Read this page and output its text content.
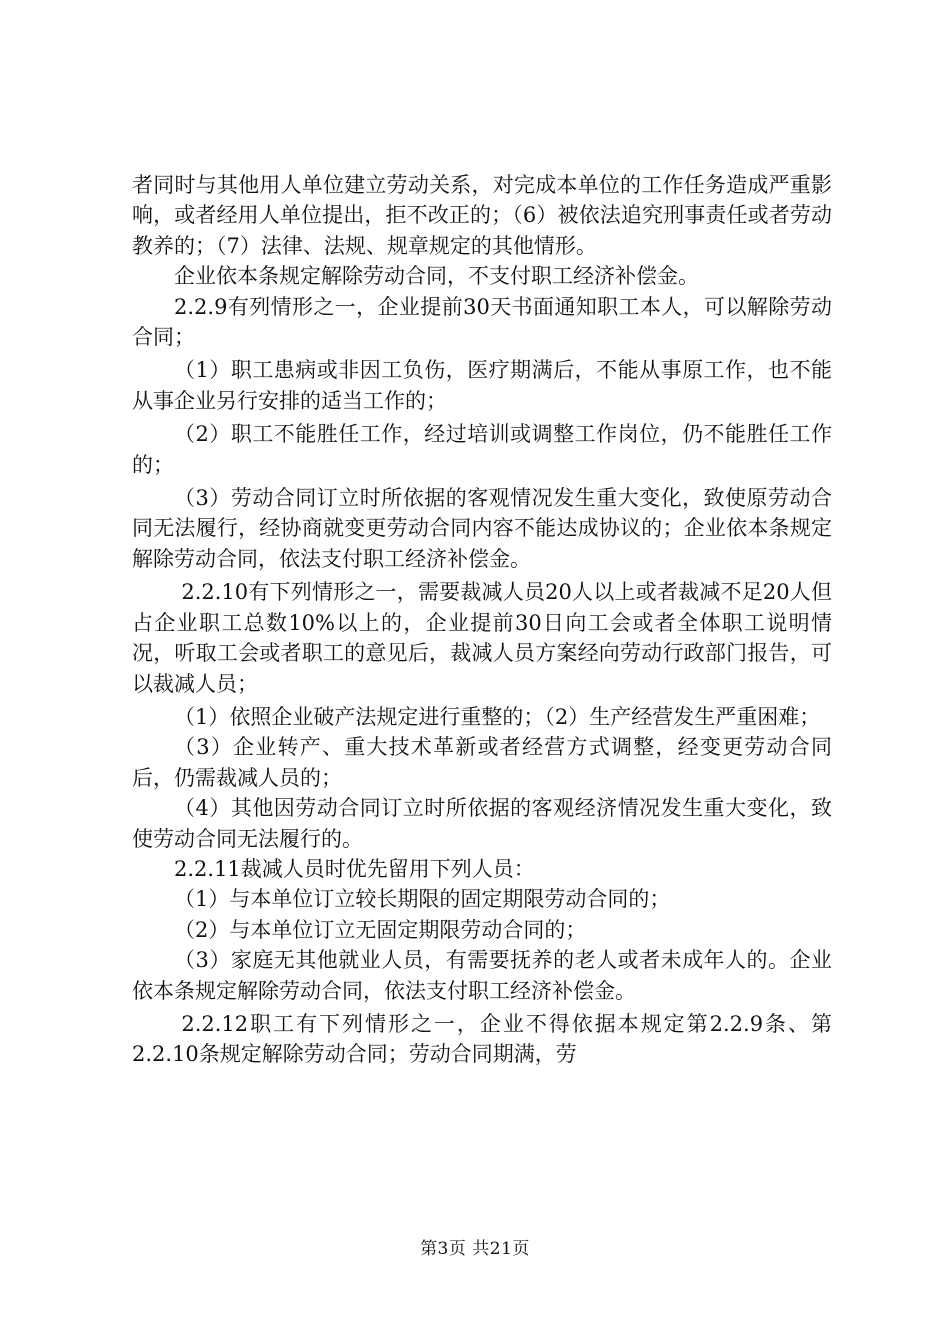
者同时与其他用人单位建立劳动关系，对完成本单位的工作任务造成严重影响，或者经用人单位提出，拒不改正的；（6）被依法追究刑事责任或者劳动教养的；（7）法律、法规、规章规定的其他情形。

企业依本条规定解除劳动合同，不支付职工经济补偿金。

2.2.9有列情形之一，企业提前30天书面通知职工本人，可以解除劳动合同；

（1）职工患病或非因工负伤，医疗期满后，不能从事原工作，也不能从事企业另行安排的适当工作的；

（2）职工不能胜任工作，经过培训或调整工作岗位，仍不能胜任工作的；

（3）劳动合同订立时所依据的客观情况发生重大变化，致使原劳动合同无法履行，经协商就变更劳动合同内容不能达成协议的；企业依本条规定解除劳动合同，依法支付职工经济补偿金。

2.2.10有下列情形之一，需要裁减人员20人以上或者裁减不足20人但占企业职工总数10%以上的，企业提前30日向工会或者全体职工说明情况，听取工会或者职工的意见后，裁减人员方案经向劳动行政部门报告，可以裁减人员；

（1）依照企业破产法规定进行重整的；（2）生产经营发生严重困难；

（3）企业转产、重大技术革新或者经营方式调整，经变更劳动合同后，仍需裁减人员的；

（4）其他因劳动合同订立时所依据的客观经济情况发生重大变化，致使劳动合同无法履行的。

2.2.11裁减人员时优先留用下列人员：

（1）与本单位订立较长期限的固定期限劳动合同的；

（2）与本单位订立无固定期限劳动合同的；

（3）家庭无其他就业人员，有需要抚养的老人或者未成年人的。企业依本条规定解除劳动合同，依法支付职工经济补偿金。

2.2.12职工有下列情形之一，企业不得依据本规定第2.2.9条、第2.2.10条规定解除劳动合同；劳动合同期满，劳

第3页 共21页
